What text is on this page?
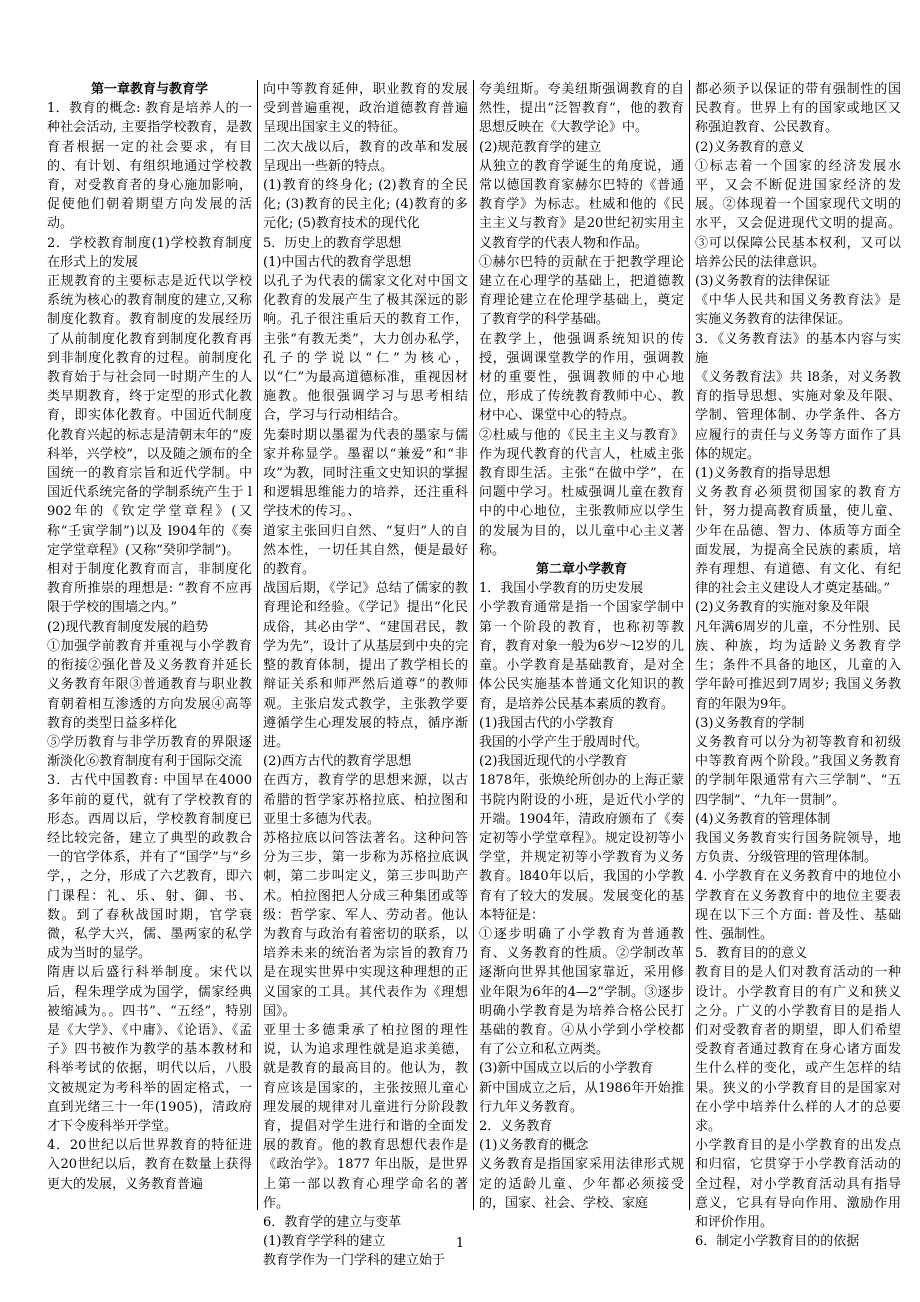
第一章教育与教育学
1．教育的概念: 教育是培养人的一种社会活动, 主要指学校教育，是教育者根据一定的社会要求，有目的、有计划、有组织地通过学校教育，对受教育者的身心施加影响，促使他们朝着期望方向发展的活动。
2．学校教育制度(1)学校教育制度在形式上的发展
正规教育的主要标志是近代以学校系统为核心的教育制度的建立,又称制度化教育。教育制度的发展经历了从前制度化教育到制度化教育再到非制度化教育的过程。前制度化教育始于与社会同一时期产生的人类早期教育，终于定型的形式化教育，即实体化教育。中国近代制度化教育兴起的标志是清朝末年的“废科举，兴学校”，以及随之颁布的全国统一的教育宗旨和近代学制。中国近代系统完备的学制系统产生于 l902年的《钦定学堂章程》(又称“壬寅学制”)以及 l904年的《奏定学堂章程》(又称“癸卯学制”)。
相对于制度化教育而言，非制度化教育所推崇的理想是: “教育不应再限于学校的围墙之内。”
(2)现代教育制度发展的趋势
①加强学前教育并重视与小学教育的衔接②强化普及义务教育并延长义务教育年限③普通教育与职业教育朝着相互渗透的方向发展④高等教育的类型日益多样化
⑤学历教育与非学历教育的界限逐渐淡化⑥教育制度有利于国际交流
3．古代中国教育: 中国早在4000多年前的夏代，就有了学校教育的形态。西周以后，学校教育制度已经比较完备，建立了典型的政教合一的官学体系，并有了“国学”与“乡学，，之分，形成了六艺教育，即六门课程：礼、乐、射、御、书、数。到了春秋战国时期，官学衰微，私学大兴，儒、墨两家的私学成为当时的显学。
隋唐以后盛行科举制度。宋代以后，程朱理学成为国学，儒家经典被缩减为。。四书”、“五经”，特别是《大学》、《中庸》、《论语》、《孟子》四书被作为教学的基本教材和科举考试的依据，明代以后，八股文被规定为考科举的固定格式，一直到光绪三十一年(1905)，清政府才下令废科举开学堂。
4．20世纪以后世界教育的特征进入20世纪以后，教育在数量上获得更大的发展，义务教育普遍
向中等教育延伸，职业教育的发展受到普遍重视，政治道德教育普遍呈现出国家主义的特征。
二次大战以后，教育的改革和发展呈现出一些新的特点。
(1)教育的终身化; (2)教育的全民化; (3)教育的民主化; (4)教育的多元化; (5)教育技术的现代化
5．历史上的教育学思想
(1)中国古代的教育学思想
以孔子为代表的儒家文化对中国文化教育的发展产生了极其深远的影响。孔子很注重后天的教育工作，主张“有教无类”，大力创办私学，孔子的学说以“仁”为核心，以“仁”为最高道德标准，重视因材施教。他很强调学习与思考相结合，学习与行动相结合。
先秦时期以墨翟为代表的墨家与儒家并称显学。墨翟以“兼爱”和“非攻”为教，同时注重文史知识的掌握和逻辑思维能力的培养，还注重科学技术的传习。、
道家主张回归自然、“复归”人的自然本性，一切任其自然，便是最好的教育。
战国后期，《学记》总结了儒家的教育理论和经验。《学记》提出“化民成俗，其必由学”、“建国君民，教学为先”，设计了从基层到中央的完整的教育体制，提出了教学相长的辩证关系和师严然后道尊”的教师观。主张启发式教学，主张教学要遵循学生心理发展的特点，循序渐进。
(2)西方古代的教育学思想
在西方，教育学的思想来源，以古希腊的哲学家苏格拉底、柏拉图和亚里士多德为代表。
苏格拉底以问答法著名。这种问答分为三步，第一步称为苏格拉底讽刺，第二步叫定义，第三步叫助产术。柏拉图把人分成三种集团或等级：哲学家、军人、劳动者。他认为教育与政治有着密切的联系，以培养未来的统治者为宗旨的教育乃是在现实世界中实现这种理想的正义国家的工具。其代表作为《理想国》。
亚里士多德秉承了柏拉图的理性说，认为追求理性就是追求美德，就是教育的最高目的。他认为，教育应该是国家的，主张按照儿童心理发展的规律对儿童进行分阶段教育，提倡对学生进行和谐的全面发展的教育。他的教育思想代表作是《政治学》。1877 年出版，是世界上第一部以教育心理学命名的著作。
6．教育学的建立与变革
(1)教育学学科的建立
教育学作为一门学科的建立始于
夸美纽斯。夸美纽斯强调教育的自然性，提出“泛智教育”，他的教育思想反映在《大教学论》中。
(2)规范教育学的建立
从独立的教育学诞生的角度说，通常以德国教育家赫尔巴特的《普通教育学》为标志。杜威和他的《民主主义与教育》是20世纪初实用主义教育学的代表人物和作品。
①赫尔巴特的贡献在于把教学理论建立在心理学的基础上，把道德教育理论建立在伦理学基础上，奠定了教育学的科学基础。
在教学上，他强调系统知识的传授，强调课堂教学的作用，强调教材的重要性，强调教师的中心地位，形成了传统教育教师中心、教材中心、课堂中心的特点。
②杜威与他的《民主主义与教育》作为现代教育的代言人，杜威主张教育即生活。主张“在做中学”，在问题中学习。杜威强调儿童在教育中的中心地位，主张教师应以学生的发展为目的，以儿童中心主义著称。
第二章小学教育
1．我国小学教育的历史发展
小学教育通常是指一个国家学制中第一个阶段的教育，也称初等教育，教育对象一般为6岁～l2岁的儿童。小学教育是基础教育，是对全体公民实施基本普通文化知识的教育，是培养公民基本素质的教育。
(1)我国古代的小学教育
我国的小学产生于殷周时代。
(2)我国近现代的小学教育
1878年，张焕纶所创办的上海正蒙书院内附设的小班，是近代小学的开端。1904年，清政府颁布了《奏定初等小学堂章程》。规定设初等小学堂，并规定初等小学教育为义务教育。l840年以后，我国的小学教育有了较大的发展。发展变化的基本特征是：
①逐步明确了小学教育为普通教育、义务教育的性质。②学制改革逐渐向世界其他国家靠近，采用修业年限为6年的4—2”学制。③逐步明确小学教育是为培养合格公民打基础的教育。④从小学到小学校都有了公立和私立两类。
(3)新中国成立以后的小学教育
新中国成立之后，从1986年开始推行九年义务教育。
2．义务教育
(1)义务教育的概念
义务教育是指国家采用法律形式规定的适龄儿童、少年都必须接受的，国家、社会、学校、家庭
都必须予以保证的带有强制性的国民教育。世界上有的国家或地区又称强迫教育、公民教育。
(2)义务教育的意义
①标志着一个国家的经济发展水平，又会不断促进国家经济的发展。②体现着一个国家现代文明的水平，又会促进现代文明的提高。③可以保障公民基本权利，又可以培养公民的法律意识。
(3)义务教育的法律保证
《中华人民共和国义务教育法》是实施义务教育的法律保证。
3．《义务教育法》的基本内容与实施
《义务教育法》共 l8条，对义务教育的指导思想、实施对象及年限、学制、管理体制、办学条件、各方应履行的责任与义务等方面作了具体的规定。
(1)义务教育的指导思想
义务教育必须贯彻国家的教育方针，努力提高教育质量，使儿童、少年在品德、智力、体质等方面全面发展，为提高全民族的素质，培养有理想、有道德、有文化、有纪律的社会主义建设人才奠定基础。”
(2)义务教育的实施对象及年限
凡年满6周岁的儿童，不分性别、民族、种族，均为适龄义务教育学生；条件不具备的地区，儿童的入学年龄可推迟到7周岁; 我国义务教育的年限为9年。
(3)义务教育的学制
义务教育可以分为初等教育和初级中等教育两个阶段。”我国义务教育的学制年限通常有六三学制”、“五四学制”、“九年一贯制”。
(4)义务教育的管理体制
我国义务教育实行国务院领导，地方负责、分级管理的管理体制。
4. 小学教育在义务教育中的地位小学教育在义务教育中的地位主要表现在以下三个方面: 普及性、基础性、强制性。
5．教育目的的意义
教育目的是人们对教育活动的一种设计。小学教育目的有广义和狭义之分。广义的小学教育目的是指人们对受教育者的期望，即人们希望受教育者通过教育在身心诸方面发生什么样的变化，或产生怎样的结果。狭义的小学教育目的是国家对在小学中培养什么样的人才的总要求。
小学教育目的是小学教育的出发点和归宿，它贯穿于小学教育活动的全过程，对小学教育活动具有指导意义，它具有导向作用、激励作用和评价作用。
6．制定小学教育目的的依据
1
